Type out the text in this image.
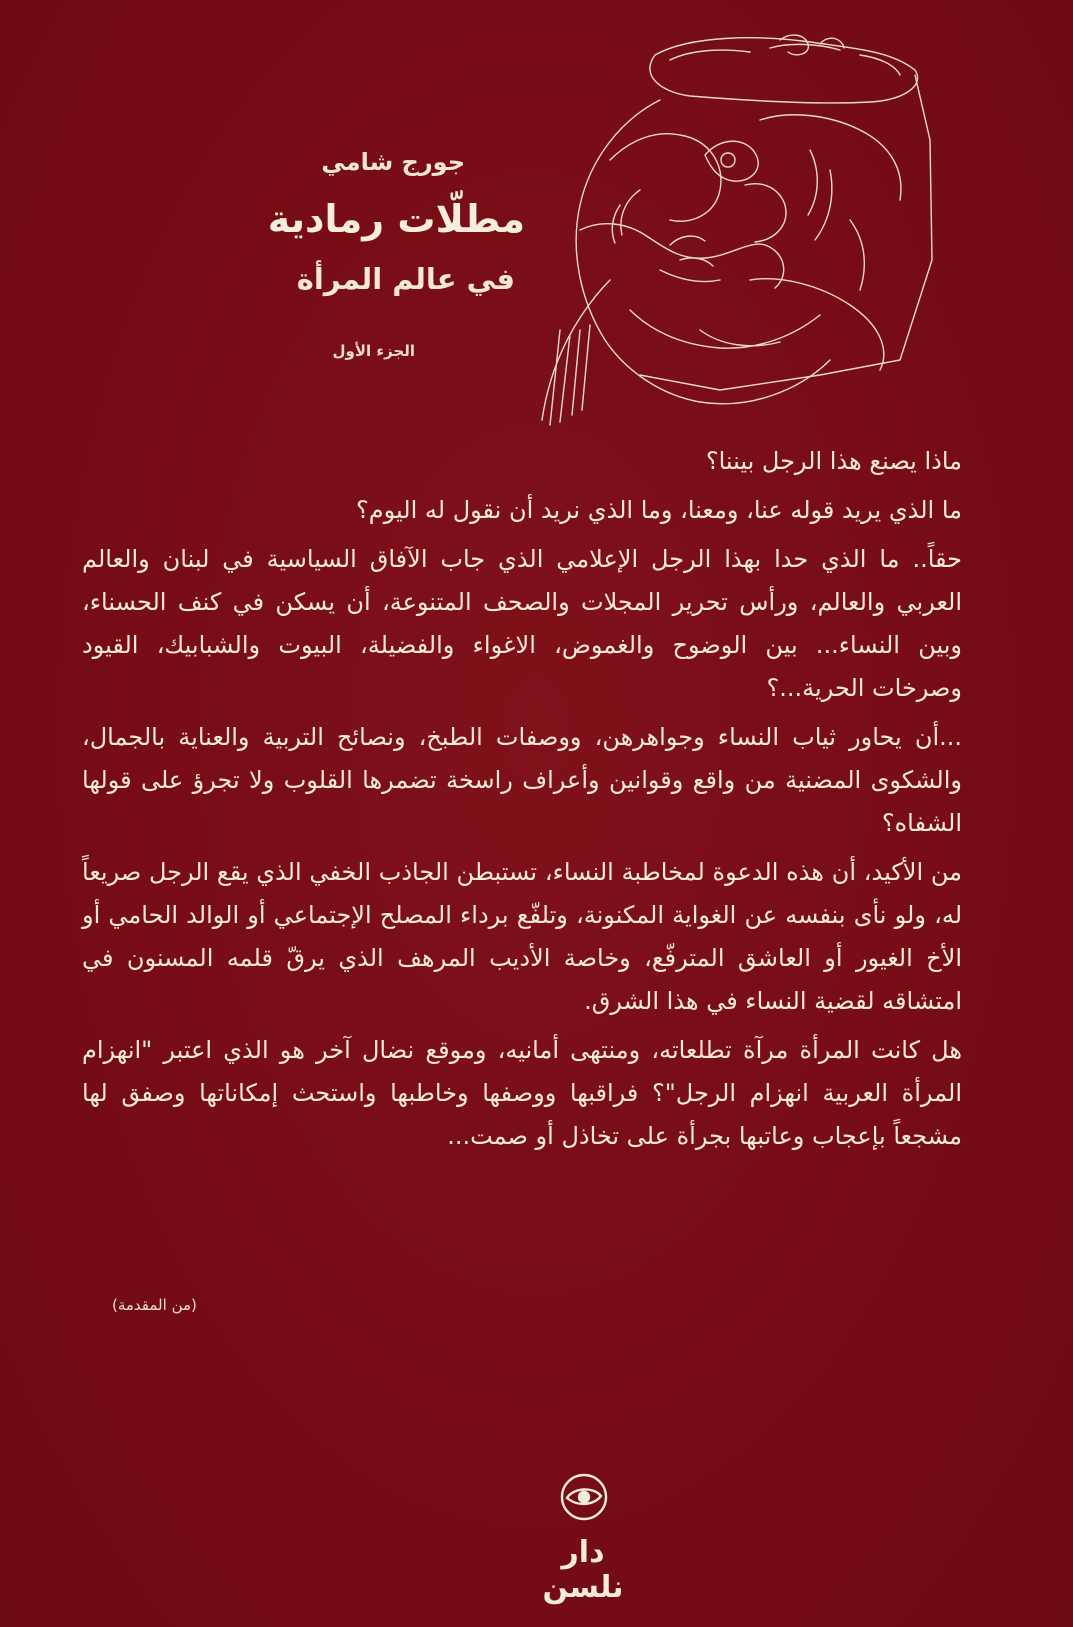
جورج شامي
مطلّات رمادية
في عالم المرأة
الجزء الأول

ماذا يصنع هذا الرجل بيننا؟

ما الذي يريد قوله عنا، ومعنا، وما الذي نريد أن نقول له اليوم؟

حقاً.. ما الذي حدا بهذا الرجل الإعلامي الذي جاب الآفاق السياسية في لبنان والعالم العربي والعالم، ورأس تحرير المجلات والصحف المتنوعة، أن يسكن في كنف الحسناء، وبين النساء... بين الوضوح والغموض، الاغواء والفضيلة، البيوت والشبابيك، القيود وصرخات الحرية...؟

...أن يحاور ثياب النساء وجواهرهن، ووصفات الطبخ، ونصائح التربية والعناية بالجمال، والشكوى المضنية من واقع وقوانين وأعراف راسخة تضمرها القلوب ولا تجرؤ على قولها الشفاه؟

من الأكيد، أن هذه الدعوة لمخاطبة النساء، تستبطن الجاذب الخفي الذي يقع الرجل صريعاً له، ولو نأى بنفسه عن الغواية المكنونة، وتلفّع برداء المصلح الإجتماعي أو الوالد الحامي أو الأخ الغيور أو العاشق المترفّع، وخاصة الأديب المرهف الذي يرقّ قلمه المسنون في امتشاقه لقضية النساء في هذا الشرق.

هل كانت المرأة مرآة تطلعاته، ومنتهى أمانيه، وموقع نضال آخر هو الذي اعتبر "انهزام المرأة العربية انهزام الرجل"؟ فراقبها ووصفها وخاطبها واستحث إمكاناتها وصفق لها مشجعاً بإعجاب وعاتبها بجرأة على تخاذل أو صمت...

(من المقدمة)
دار نلسن
